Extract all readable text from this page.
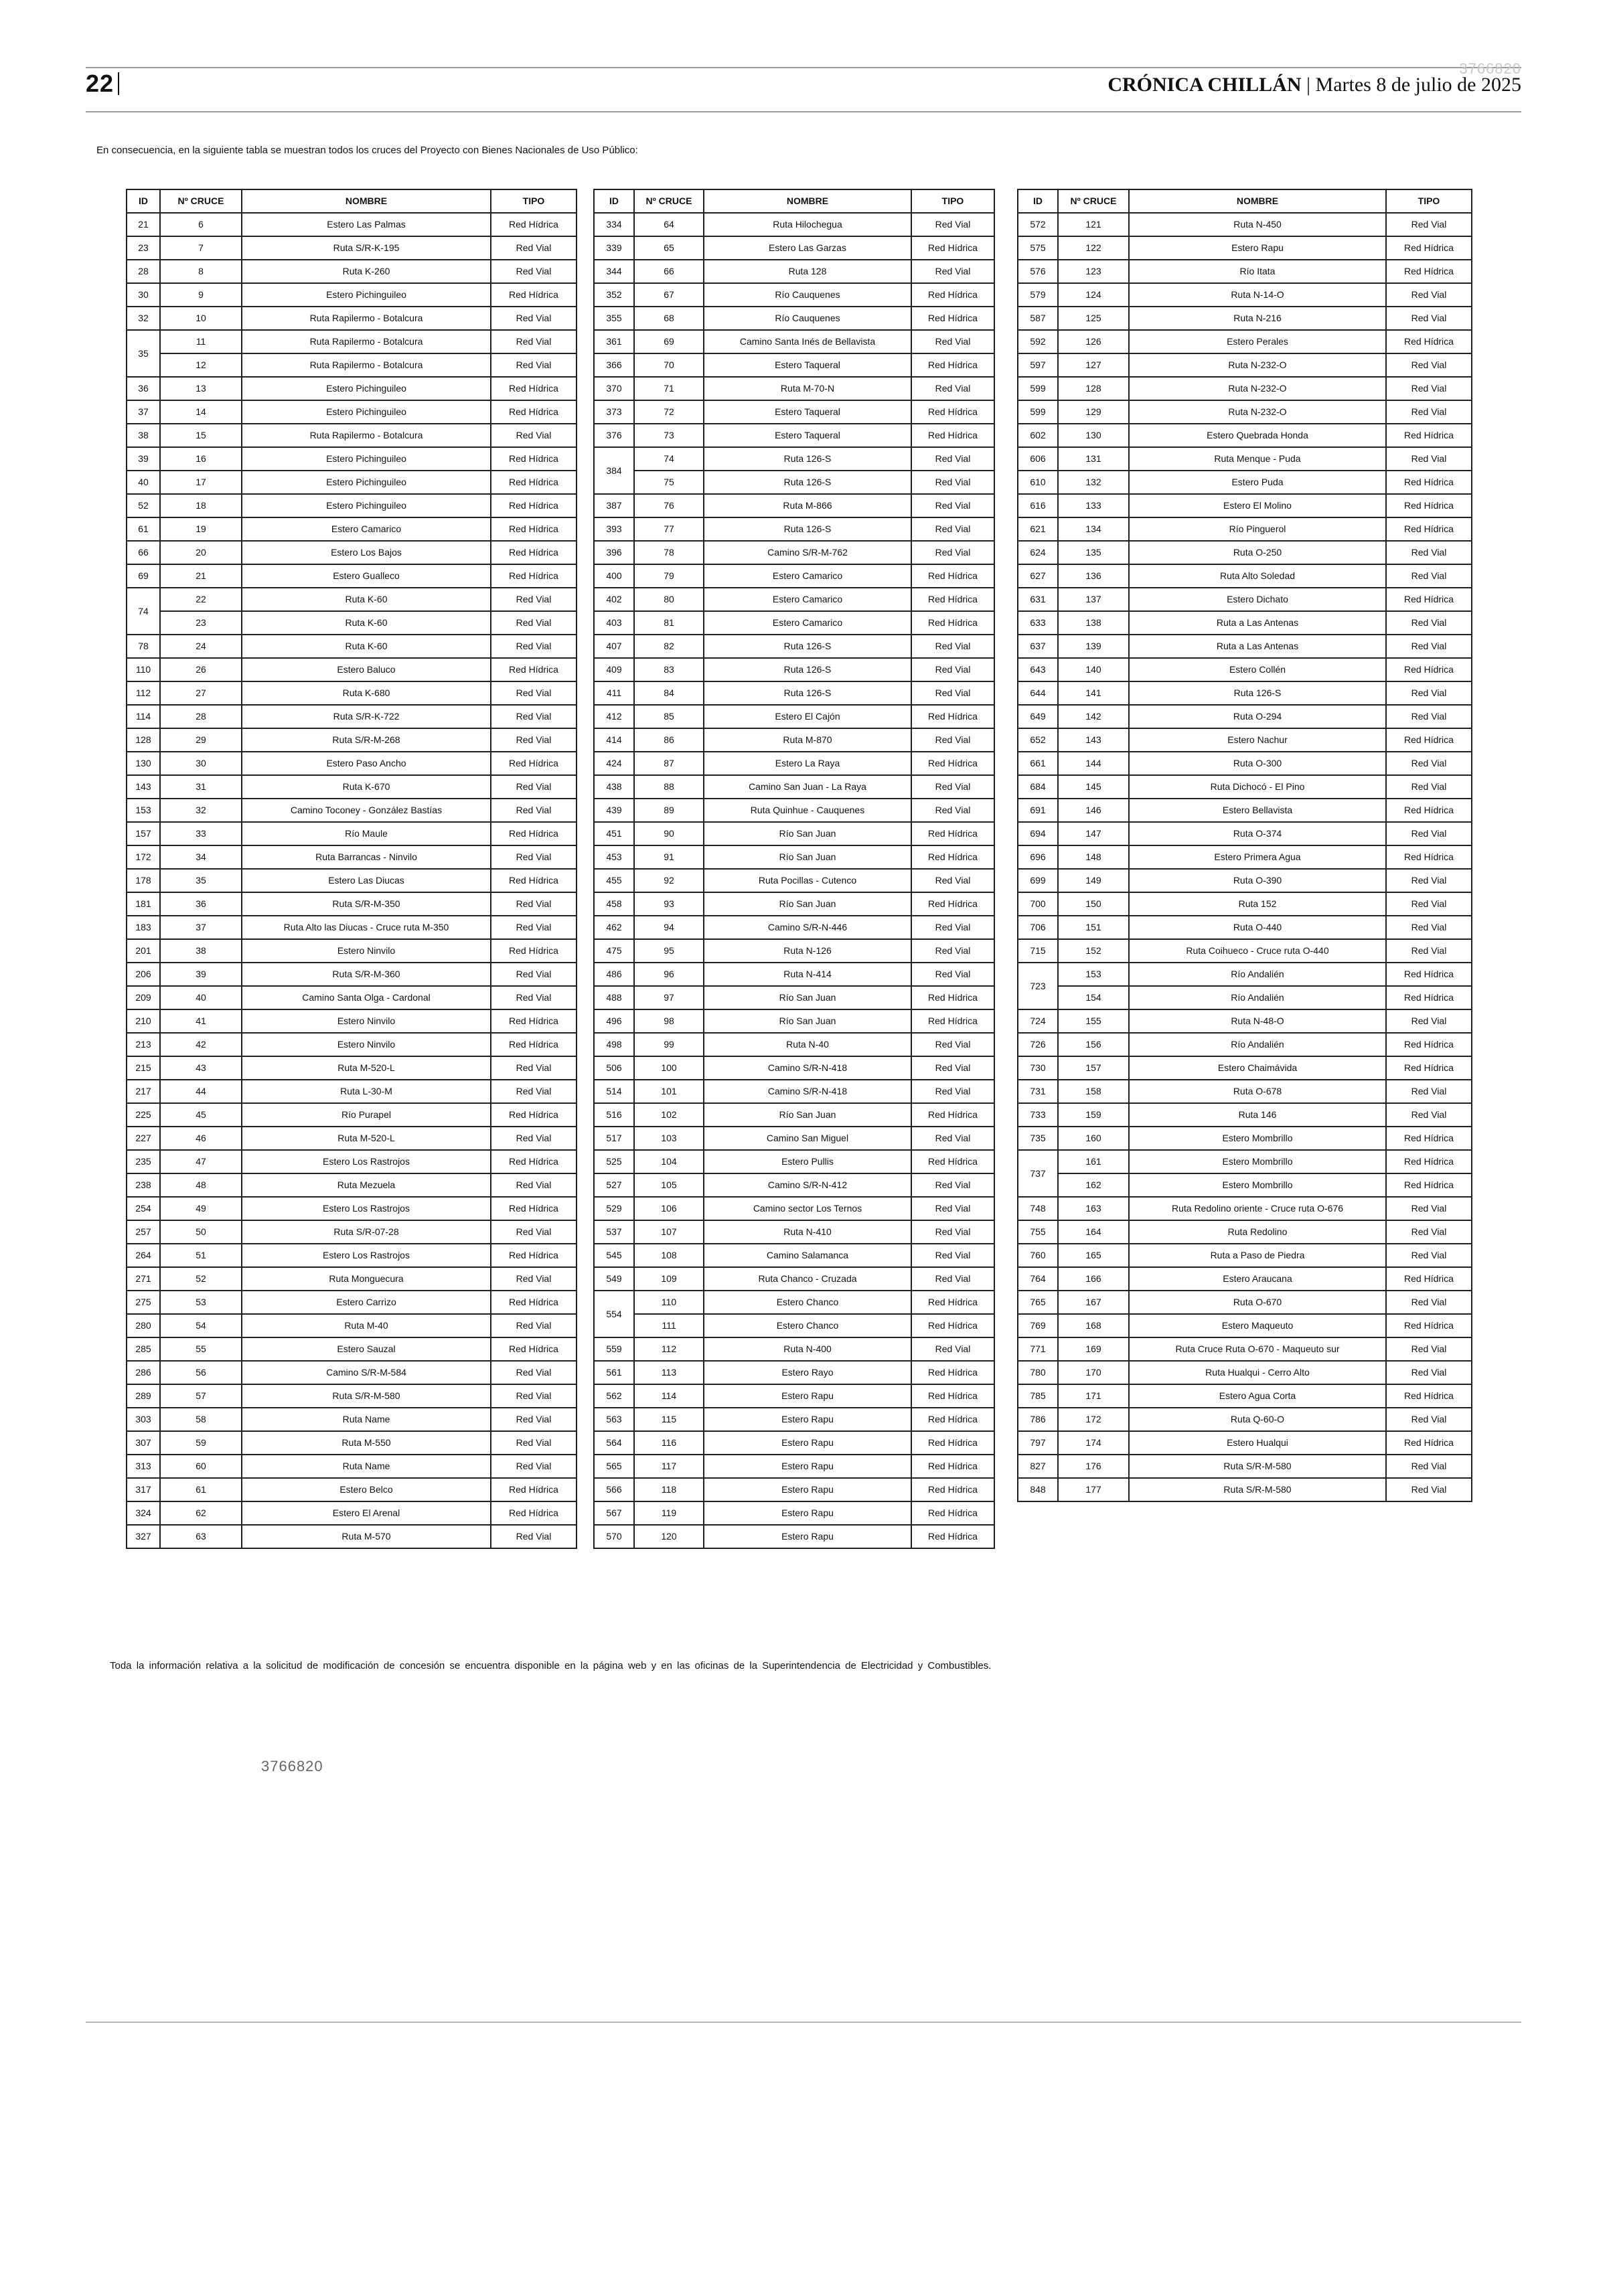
22
3766820
CRÓNICA CHILLÁN | Martes 8 de julio de 2025
En consecuencia, en la siguiente tabla se muestran todos los cruces del Proyecto con Bienes Nacionales de Uso Público:
ID	Nº CRUCE	NOMBRE	TIPO
21	6	Estero Las Palmas	Red Hídrica
23	7	Ruta S/R-K-195	Red Vial
28	8	Ruta K-260	Red Vial
30	9	Estero Pichinguileo	Red Hídrica
32	10	Ruta Rapilermo - Botalcura	Red Vial
35	11	Ruta Rapilermo - Botalcura	Red Vial
	12	Ruta Rapilermo - Botalcura	Red Vial
36	13	Estero Pichinguileo	Red Hídrica
37	14	Estero Pichinguileo	Red Hídrica
38	15	Ruta Rapilermo - Botalcura	Red Vial
39	16	Estero Pichinguileo	Red Hídrica
40	17	Estero Pichinguileo	Red Hídrica
52	18	Estero Pichinguileo	Red Hídrica
61	19	Estero Camarico	Red Hídrica
66	20	Estero Los Bajos	Red Hídrica
69	21	Estero Gualleco	Red Hídrica
74	22	Ruta K-60	Red Vial
	23	Ruta K-60	Red Vial
78	24	Ruta K-60	Red Vial
110	26	Estero Baluco	Red Hídrica
112	27	Ruta K-680	Red Vial
114	28	Ruta S/R-K-722	Red Vial
128	29	Ruta S/R-M-268	Red Vial
130	30	Estero Paso Ancho	Red Hídrica
143	31	Ruta K-670	Red Vial
153	32	Camino Toconey - González Bastías	Red Vial
157	33	Río Maule	Red Hídrica
172	34	Ruta Barrancas - Ninvilo	Red Vial
178	35	Estero Las Diucas	Red Hídrica
181	36	Ruta S/R-M-350	Red Vial
183	37	Ruta Alto las Diucas - Cruce ruta M-350	Red Vial
201	38	Estero Ninvilo	Red Hídrica
206	39	Ruta S/R-M-360	Red Vial
209	40	Camino Santa Olga - Cardonal	Red Vial
210	41	Estero Ninvilo	Red Hídrica
213	42	Estero Ninvilo	Red Hídrica
215	43	Ruta M-520-L	Red Vial
217	44	Ruta L-30-M	Red Vial
225	45	Río Purapel	Red Hídrica
227	46	Ruta M-520-L	Red Vial
235	47	Estero Los Rastrojos	Red Hídrica
238	48	Ruta Mezuela	Red Vial
254	49	Estero Los Rastrojos	Red Hídrica
257	50	Ruta S/R-07-28	Red Vial
264	51	Estero Los Rastrojos	Red Hídrica
271	52	Ruta Monguecura	Red Vial
275	53	Estero Carrizo	Red Hídrica
280	54	Ruta M-40	Red Vial
285	55	Estero Sauzal	Red Hídrica
286	56	Camino S/R-M-584	Red Vial
289	57	Ruta S/R-M-580	Red Vial
303	58	Ruta Name	Red Vial
307	59	Ruta M-550	Red Vial
313	60	Ruta Name	Red Vial
317	61	Estero Belco	Red Hídrica
324	62	Estero El Arenal	Red Hídrica
327	63	Ruta M-570	Red Vial
ID	Nº CRUCE	NOMBRE	TIPO
334	64	Ruta Hilochegua	Red Vial
339	65	Estero Las Garzas	Red Hídrica
344	66	Ruta 128	Red Vial
352	67	Río Cauquenes	Red Hídrica
355	68	Río Cauquenes	Red Hídrica
361	69	Camino Santa Inés de Bellavista	Red Vial
366	70	Estero Taqueral	Red Hídrica
370	71	Ruta M-70-N	Red Vial
373	72	Estero Taqueral	Red Hídrica
376	73	Estero Taqueral	Red Hídrica
384	74	Ruta 126-S	Red Vial
	75	Ruta 126-S	Red Vial
387	76	Ruta M-866	Red Vial
393	77	Ruta 126-S	Red Vial
396	78	Camino S/R-M-762	Red Vial
400	79	Estero Camarico	Red Hídrica
402	80	Estero Camarico	Red Hídrica
403	81	Estero Camarico	Red Hídrica
407	82	Ruta 126-S	Red Vial
409	83	Ruta 126-S	Red Vial
411	84	Ruta 126-S	Red Vial
412	85	Estero El Cajón	Red Hídrica
414	86	Ruta M-870	Red Vial
424	87	Estero La Raya	Red Hídrica
438	88	Camino San Juan - La Raya	Red Vial
439	89	Ruta Quinhue - Cauquenes	Red Vial
451	90	Río San Juan	Red Hídrica
453	91	Río San Juan	Red Hídrica
455	92	Ruta Pocillas - Cutenco	Red Vial
458	93	Río San Juan	Red Hídrica
462	94	Camino S/R-N-446	Red Vial
475	95	Ruta N-126	Red Vial
486	96	Ruta N-414	Red Vial
488	97	Río San Juan	Red Hídrica
496	98	Río San Juan	Red Hídrica
498	99	Ruta N-40	Red Vial
506	100	Camino S/R-N-418	Red Vial
514	101	Camino S/R-N-418	Red Vial
516	102	Río San Juan	Red Hídrica
517	103	Camino San Miguel	Red Vial
525	104	Estero Pullis	Red Hídrica
527	105	Camino S/R-N-412	Red Vial
529	106	Camino sector Los Ternos	Red Vial
537	107	Ruta N-410	Red Vial
545	108	Camino Salamanca	Red Vial
549	109	Ruta Chanco - Cruzada	Red Vial
554	110	Estero Chanco	Red Hídrica
	111	Estero Chanco	Red Hídrica
559	112	Ruta N-400	Red Vial
561	113	Estero Rayo	Red Hídrica
562	114	Estero Rapu	Red Hídrica
563	115	Estero Rapu	Red Hídrica
564	116	Estero Rapu	Red Hídrica
565	117	Estero Rapu	Red Hídrica
566	118	Estero Rapu	Red Hídrica
567	119	Estero Rapu	Red Hídrica
570	120	Estero Rapu	Red Hídrica
ID	Nº CRUCE	NOMBRE	TIPO
572	121	Ruta N-450	Red Vial
575	122	Estero Rapu	Red Hídrica
576	123	Río Itata	Red Hídrica
579	124	Ruta N-14-O	Red Vial
587	125	Ruta N-216	Red Vial
592	126	Estero Perales	Red Hídrica
597	127	Ruta N-232-O	Red Vial
599	128	Ruta N-232-O	Red Vial
599	129	Ruta N-232-O	Red Vial
602	130	Estero Quebrada Honda	Red Hídrica
606	131	Ruta Menque - Puda	Red Vial
610	132	Estero Puda	Red Hídrica
616	133	Estero El Molino	Red Hídrica
621	134	Río Pinguerol	Red Hídrica
624	135	Ruta O-250	Red Vial
627	136	Ruta Alto Soledad	Red Vial
631	137	Estero Dichato	Red Hídrica
633	138	Ruta a Las Antenas	Red Vial
637	139	Ruta a Las Antenas	Red Vial
643	140	Estero Collén	Red Hídrica
644	141	Ruta 126-S	Red Vial
649	142	Ruta O-294	Red Vial
652	143	Estero Nachur	Red Hídrica
661	144	Ruta O-300	Red Vial
684	145	Ruta Dichocó - El Pino	Red Vial
691	146	Estero Bellavista	Red Hídrica
694	147	Ruta O-374	Red Vial
696	148	Estero Primera Agua	Red Hídrica
699	149	Ruta O-390	Red Vial
700	150	Ruta 152	Red Vial
706	151	Ruta O-440	Red Vial
715	152	Ruta Coihueco - Cruce ruta O-440	Red Vial
723	153	Río Andalién	Red Hídrica
	154	Río Andalién	Red Hídrica
724	155	Ruta N-48-O	Red Vial
726	156	Río Andalién	Red Hídrica
730	157	Estero Chaimávida	Red Hídrica
731	158	Ruta O-678	Red Vial
733	159	Ruta 146	Red Vial
735	160	Estero Mombrillo	Red Hídrica
737	161	Estero Mombrillo	Red Hídrica
	162	Estero Mombrillo	Red Hídrica
748	163	Ruta Redolino oriente - Cruce ruta O-676	Red Vial
755	164	Ruta Redolino	Red Vial
760	165	Ruta a Paso de Piedra	Red Vial
764	166	Estero Araucana	Red Hídrica
765	167	Ruta O-670	Red Vial
769	168	Estero Maqueuto	Red Hídrica
771	169	Ruta Cruce Ruta O-670 - Maqueuto sur	Red Vial
780	170	Ruta Hualqui - Cerro Alto	Red Vial
785	171	Estero Agua Corta	Red Hídrica
786	172	Ruta Q-60-O	Red Vial
797	174	Estero Hualqui	Red Hídrica
827	176	Ruta S/R-M-580	Red Vial
848	177	Ruta S/R-M-580	Red Vial
Toda la información relativa a la solicitud de modificación de concesión se encuentra disponible en la página web y en las oficinas de la Superintendencia de Electricidad y Combustibles.
3766820
